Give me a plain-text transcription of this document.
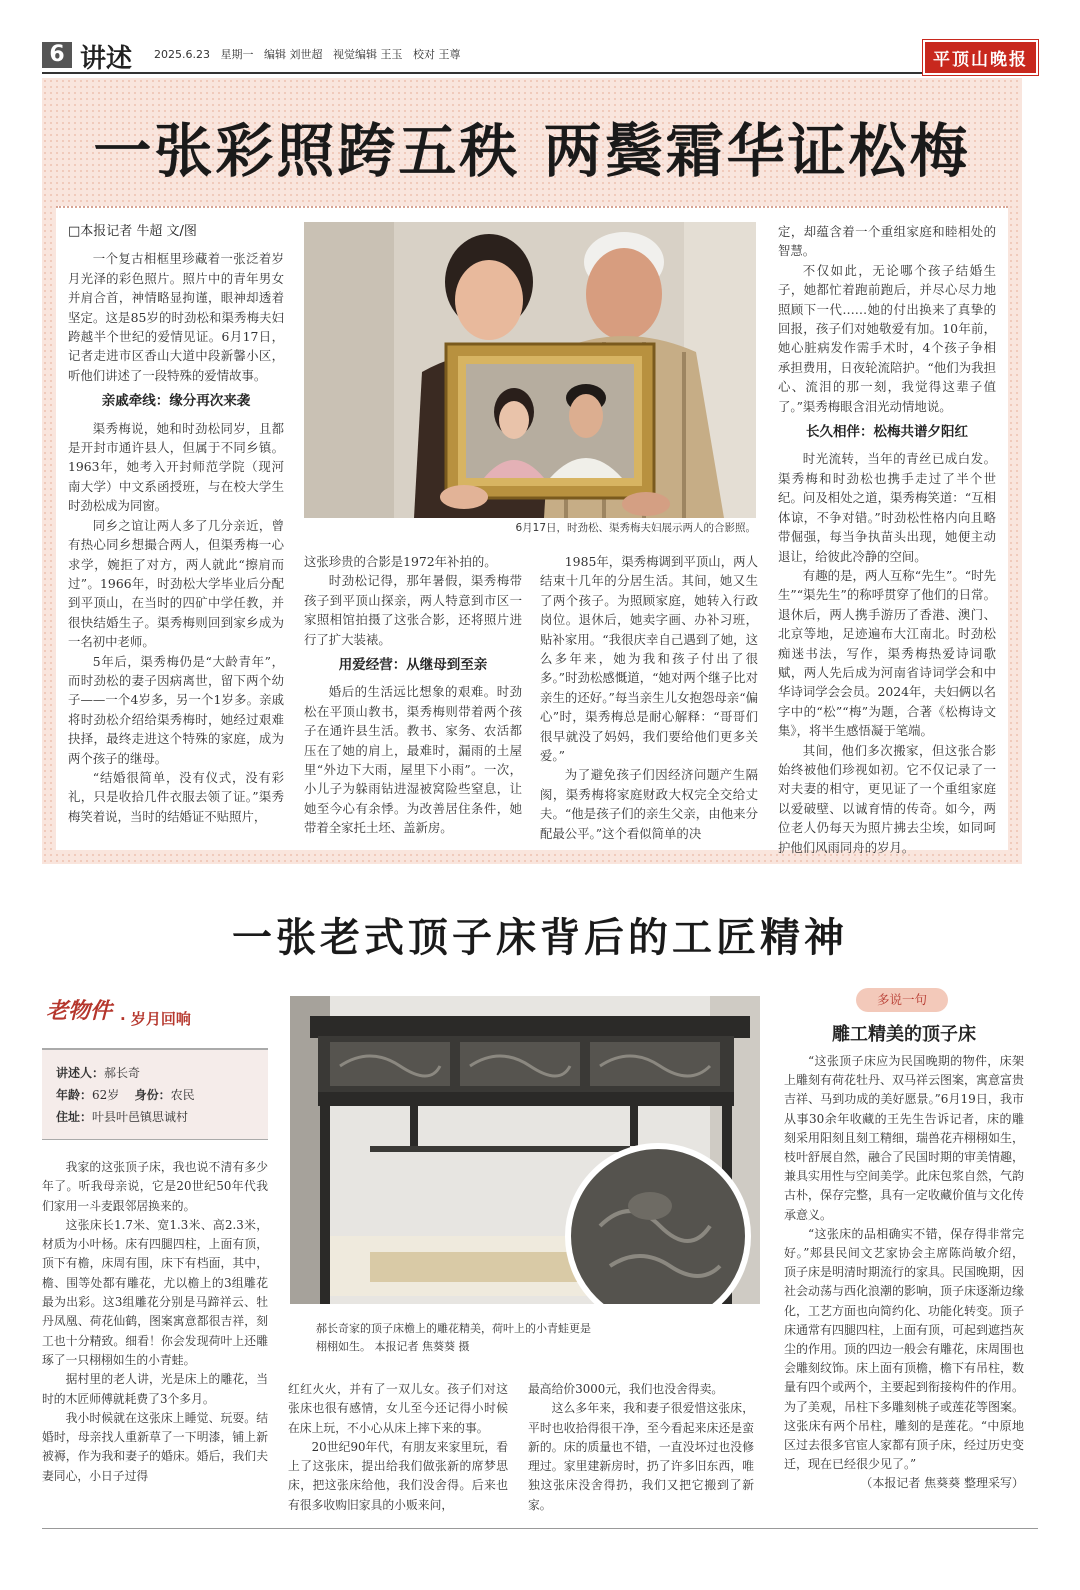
6 讲述 2025.6.23 星期一 编辑 刘世超 视觉编辑 王玉 校对 王尊	平顶山晚报
一张彩照跨五秩 两鬓霜华证松梅

□本报记者 牛超 文/图

一个复古相框里珍藏着一张泛着岁月光泽的彩色照片。照片中的青年男女并肩合首，神情略显拘谨，眼神却透着坚定。这是85岁的时劲松和渠秀梅夫妇跨越半个世纪的爱情见证。6月17日，记者走进市区香山大道中段新馨小区，听他们讲述了一段特殊的爱情故事。

亲戚牵线：缘分再次来袭

渠秀梅说，她和时劲松同岁，且都是开封市通许县人，但属于不同乡镇。1963年，她考入开封师范学院（现河南大学）中文系函授班，与在校大学生时劲松成为同窗。

同乡之谊让两人多了几分亲近，曾有热心同乡想撮合两人，但渠秀梅一心求学，婉拒了对方，两人就此“擦肩而过”。1966年，时劲松大学毕业后分配到平顶山，在当时的四矿中学任教，并很快结婚生子。渠秀梅则回到家乡成为一名初中老师。

5年后，渠秀梅仍是“大龄青年”，而时劲松的妻子因病离世，留下两个幼子——一个4岁多，另一个1岁多。亲戚将时劲松介绍给渠秀梅时，她经过艰难抉择，最终走进这个特殊的家庭，成为两个孩子的继母。

“结婚很简单，没有仪式，没有彩礼，只是收拾几件衣服去领了证。”渠秀梅笑着说，当时的结婚证不贴照片，

6月17日，时劲松、渠秀梅夫妇展示两人的合影照。

这张珍贵的合影是1972年补拍的。

时劲松记得，那年暑假，渠秀梅带孩子到平顶山探亲，两人特意到市区一家照相馆拍摄了这张合影，还将照片进行了扩大装裱。

用爱经营：从继母到至亲

婚后的生活远比想象的艰难。时劲松在平顶山教书，渠秀梅则带着两个孩子在通许县生活。教书、家务、农活都压在了她的肩上，最难时，漏雨的土屋里“外边下大雨，屋里下小雨”。一次，小儿子为躲雨钻进湿被窝险些窒息，让她至今心有余悸。为改善居住条件，她带着全家托土坯、盖新房。

1985年，渠秀梅调到平顶山，两人结束十几年的分居生活。其间，她又生了两个孩子。为照顾家庭，她转入行政岗位。退休后，她卖字画、办补习班，贴补家用。“我很庆幸自己遇到了她，这么多年来，她为我和孩子付出了很多。”时劲松感慨道，“她对两个继子比对亲生的还好。”每当亲生儿女抱怨母亲“偏心”时，渠秀梅总是耐心解释：“哥哥们很早就没了妈妈，我们要给他们更多关爱。”

为了避免孩子们因经济问题产生隔阂，渠秀梅将家庭财政大权完全交给丈夫。“他是孩子们的亲生父亲，由他来分配最公平。”这个看似简单的决

定，却蕴含着一个重组家庭和睦相处的智慧。

不仅如此，无论哪个孩子结婚生子，她都忙着跑前跑后，并尽心尽力地照顾下一代……她的付出换来了真挚的回报，孩子们对她敬爱有加。10年前，她心脏病发作需手术时，4个孩子争相承担费用，日夜轮流陪护。“他们为我担心、流泪的那一刻，我觉得这辈子值了。”渠秀梅眼含泪光动情地说。

长久相伴：松梅共谱夕阳红

时光流转，当年的青丝已成白发。渠秀梅和时劲松也携手走过了半个世纪。问及相处之道，渠秀梅笑道：“互相体谅，不争对错。”时劲松性格内向且略带倔强，每当争执苗头出现，她便主动退让，给彼此冷静的空间。

有趣的是，两人互称“先生”。“时先生”“渠先生”的称呼贯穿了他们的日常。退休后，两人携手游历了香港、澳门、北京等地，足迹遍布大江南北。时劲松痴迷书法，写作，渠秀梅热爱诗词歌赋，两人先后成为河南省诗词学会和中华诗词学会会员。2024年，夫妇俩以名字中的“松”“梅”为题，合著《松梅诗文集》，将半生感悟凝于笔端。

其间，他们多次搬家，但这张合影始终被他们珍视如初。它不仅记录了一对夫妻的相守，更见证了一个重组家庭以爱破壁、以诚育情的传奇。如今，两位老人仍每天为照片拂去尘埃，如同呵护他们风雨同舟的岁月。

一张老式顶子床背后的工匠精神
老物件 · 岁月回响
讲述人：郝长奇
年龄：62岁 身份：农民
住址：叶县叶邑镇思诚村

我家的这张顶子床，我也说不清有多少年了。听我母亲说，它是20世纪50年代我们家用一斗麦跟邻居换来的。

这张床长1.7米、宽1.3米、高2.3米，材质为小叶杨。床有四腿四柱，上面有顶，顶下有檐，床周有围，床下有档面，其中，檐、围等处都有雕花，尤以檐上的3组雕花最为出彩。这3组雕花分别是马蹄祥云、牡丹凤凰、荷花仙鹤，图案寓意都很吉祥，刻工也十分精致。细看！你会发现荷叶上还雕琢了一只栩栩如生的小青蛙。

据村里的老人讲，光是床上的雕花，当时的木匠师傅就耗费了3个多月。

我小时候就在这张床上睡觉、玩耍。结婚时，母亲找人重新草了一下明漆，铺上新被褥，作为我和妻子的婚床。婚后，我们夫妻同心，小日子过得

郝长奇家的顶子床檐上的雕花精美，荷叶上的小青蛙更是栩栩如生。 本报记者 焦葵葵 摄

红红火火，并有了一双儿女。孩子们对这张床也很有感情，女儿至今还记得小时候在床上玩，不小心从床上摔下来的事。

20世纪90年代，有朋友来家里玩，看上了这张床，提出给我们做张新的席梦思床，把这张床给他，我们没舍得。后来也有很多收购旧家具的小贩来问，

最高给价3000元，我们也没舍得卖。

这么多年来，我和妻子很爱惜这张床，平时也收拾得很干净，至今看起来床还是蛮新的。床的质量也不错，一直没坏过也没修理过。家里建新房时，扔了许多旧东西，唯独这张床没舍得扔，我们又把它搬到了新家。

多说一句
雕工精美的顶子床

“这张顶子床应为民国晚期的物件，床架上雕刻有荷花牡丹、双马祥云图案，寓意富贵吉祥、马到功成的美好愿景。”6月19日，我市从事30余年收藏的王先生告诉记者，床的雕刻采用阳刻且刻工精细，瑞兽花卉栩栩如生，枝叶舒展自然，融合了民国时期的审美情趣，兼具实用性与空间美学。此床包浆自然，气韵古朴，保存完整，具有一定收藏价值与文化传承意义。

“这张床的品相确实不错，保存得非常完好。”郏县民间文艺家协会主席陈尚敏介绍，顶子床是明清时期流行的家具。民国晚期，因社会动荡与西化浪潮的影响，顶子床逐渐边缘化，工艺方面也向简约化、功能化转变。顶子床通常有四腿四柱，上面有顶，可起到遮挡灰尘的作用。顶的四边一般会有雕花，床周围也会雕刻纹饰。床上面有顶檐，檐下有吊柱，数量有四个或两个，主要起到衔接构件的作用。为了美观，吊柱下多雕刻桃子或莲花等图案。这张床有两个吊柱，雕刻的是莲花。“中原地区过去很多官宦人家都有顶子床，经过历史变迁，现在已经很少见了。”

（本报记者 焦葵葵 整理采写）
